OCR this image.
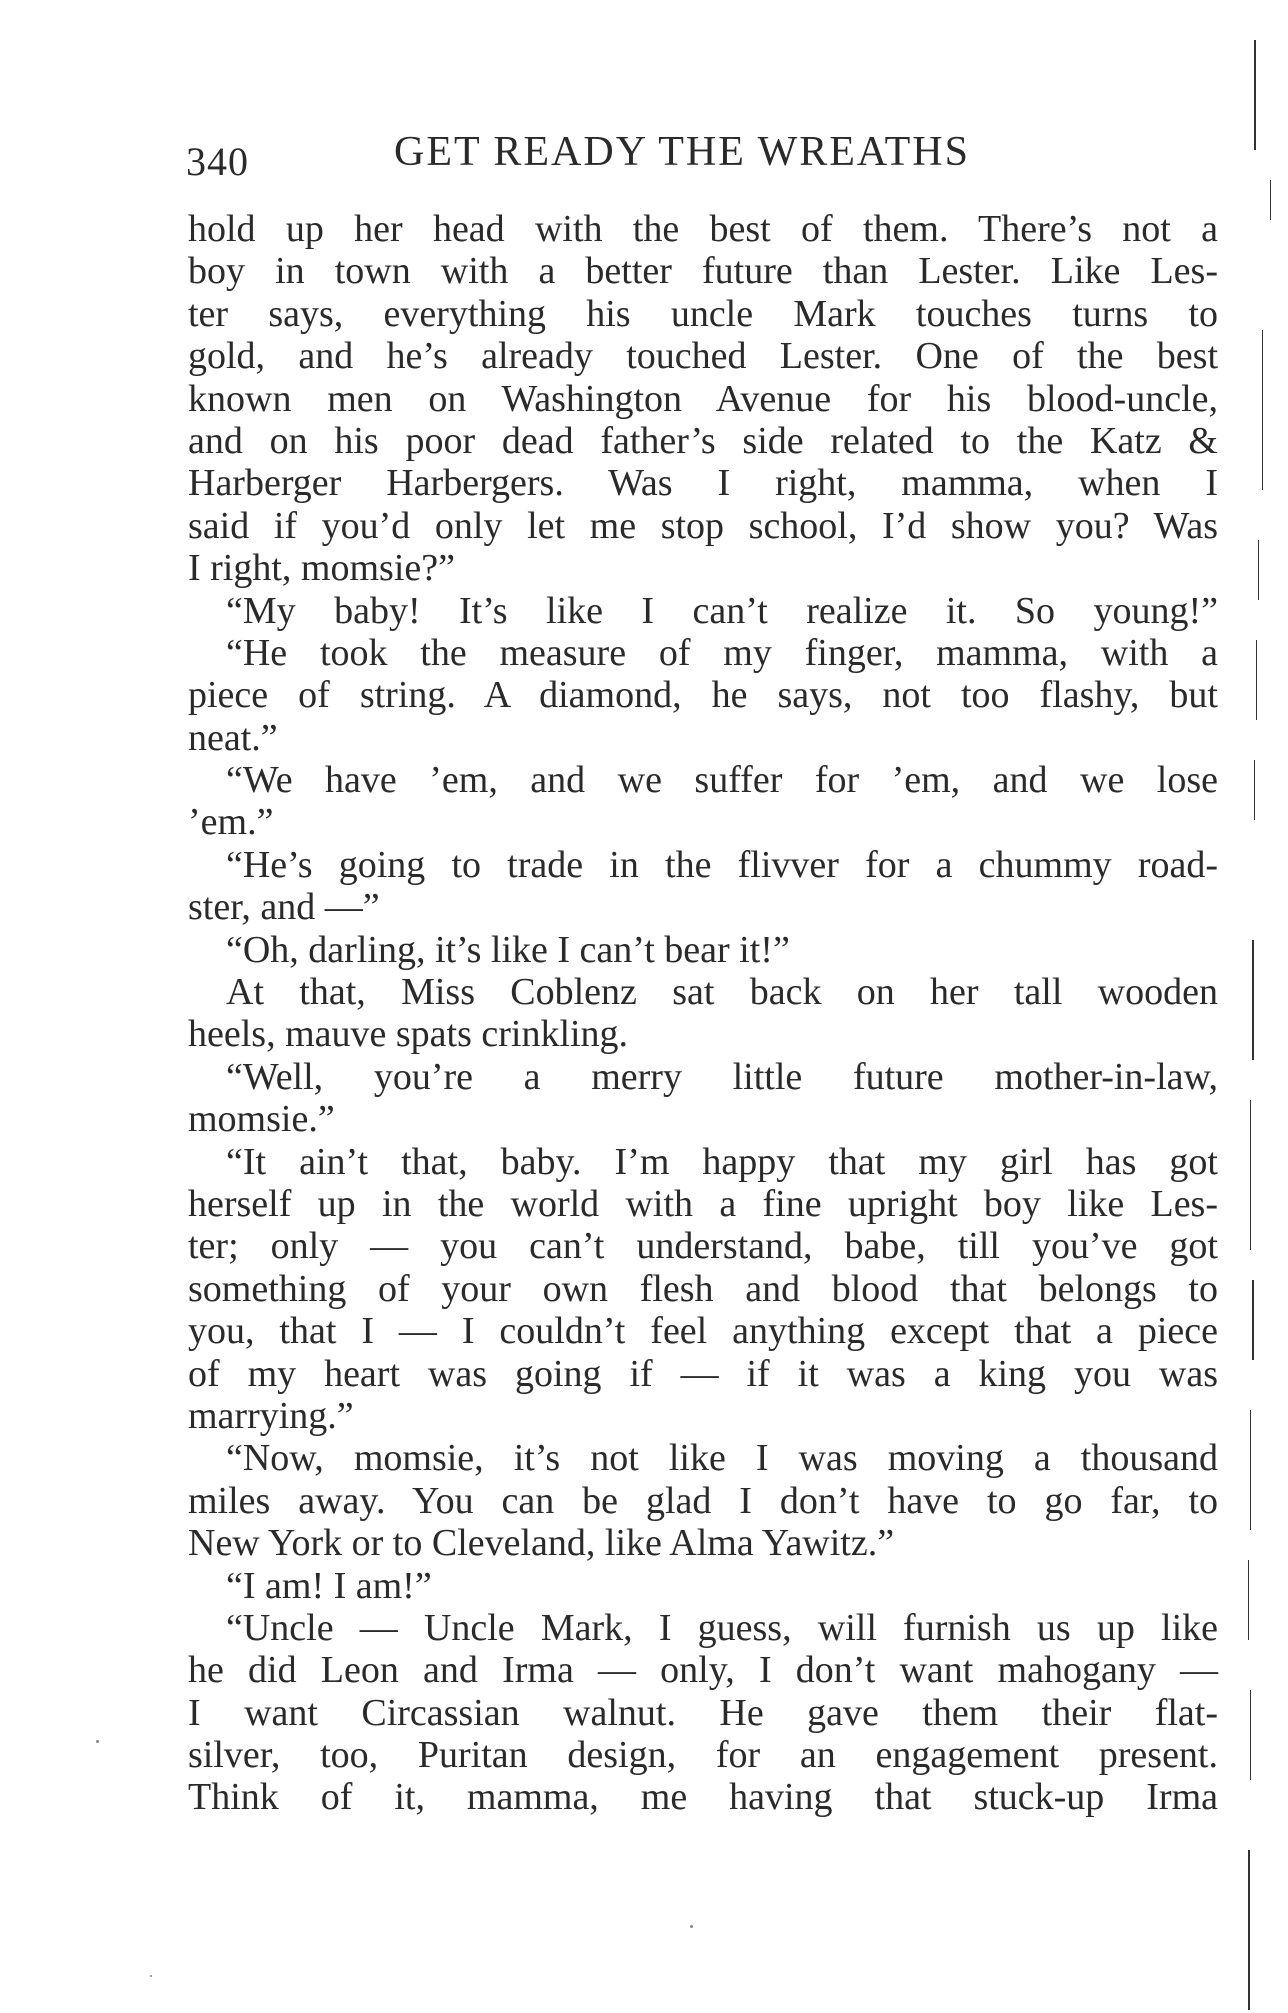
340	GET READY THE WREATHS
hold up her head with the best of them. There’s not a
boy in town with a better future than Lester. Like Les-
ter says, everything his uncle Mark touches turns to
gold, and he’s already touched Lester. One of the best
known men on Washington Avenue for his blood-uncle,
and on his poor dead father’s side related to the Katz &
Harberger Harbergers. Was I right, mamma, when I
said if you’d only let me stop school, I’d show you? Was
I right, momsie?”
“My baby! It’s like I can’t realize it. So young!”
“He took the measure of my finger, mamma, with a
piece of string. A diamond, he says, not too flashy, but
neat.”
“We have ’em, and we suffer for ’em, and we lose
’em.”
“He’s going to trade in the flivver for a chummy road-
ster, and —”
“Oh, darling, it’s like I can’t bear it!”
At that, Miss Coblenz sat back on her tall wooden
heels, mauve spats crinkling.
“Well, you’re a merry little future mother-in-law,
momsie.”
“It ain’t that, baby. I’m happy that my girl has got
herself up in the world with a fine upright boy like Les-
ter; only — you can’t understand, babe, till you’ve got
something of your own flesh and blood that belongs to
you, that I — I couldn’t feel anything except that a piece
of my heart was going if — if it was a king you was
marrying.”
“Now, momsie, it’s not like I was moving a thousand
miles away. You can be glad I don’t have to go far, to
New York or to Cleveland, like Alma Yawitz.”
“I am! I am!”
“Uncle — Uncle Mark, I guess, will furnish us up like
he did Leon and Irma — only, I don’t want mahogany —
I want Circassian walnut. He gave them their flat-
silver, too, Puritan design, for an engagement present.
Think of it, mamma, me having that stuck-up Irma
